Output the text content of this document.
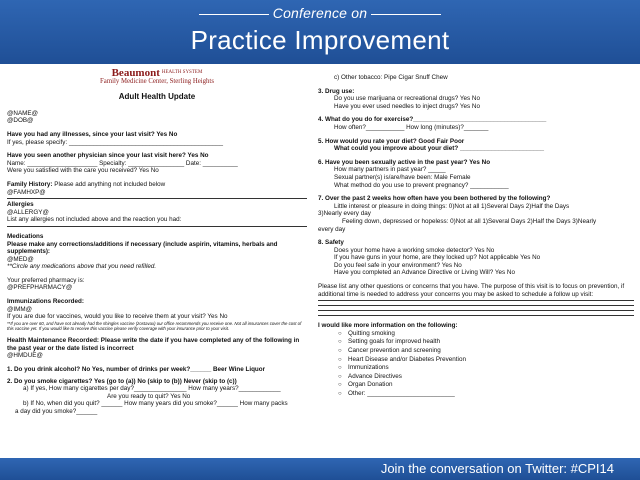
Conference on
Practice Improvement
Beaumont HEALTH SYSTEM
Family Medicine Center, Sterling Heights
Adult Health Update
@NAME@
@DOB@
Have you had any illnesses, since your last visit? Yes No
If yes, please specify: ____________________________________________
Have you seen another physician since your last visit here? Yes No
Name: ____________________ Specialty: ________________ Date: __________
Were you satisfied with the care you received? Yes No
Family History: Please add anything not included below
@FAMHXP@
Allergies
@ALLERGY@
List any allergies not included above and the reaction you had:
Medications
Please make any corrections/additions if necessary (include aspirin, vitamins, herbals and supplements):
@MED@
**Circle any medications above that you need refilled.
Your preferred pharmacy is:
@PREFPHARMACY@
Immunizations Recorded:
@IMM@
If you are due for vaccines, would you like to receive them at your visit? Yes No
**If you are over 60, and have not already had the shingles vaccine (zostavax) our office recommends you receive one. Not all insurances cover the cost of this vaccine yet. If you would like to receive this vaccine please verify coverage with your insurance prior to your visit.
Health Maintenance Recorded: Please write the date if you have completed any of the following in the past year or the date listed is incorrect
@HMDUE@
1. Do you drink alcohol? No Yes, number of drinks per week?______ Beer Wine Liquor
2. Do you smoke cigarettes? Yes (go to (a)) No (skip to (b)) Never (skip to (c))
a) If yes, How many cigarettes per day?_______________ How many years?____________
Are you ready to quit? Yes No
b) If No, when did you quit? ______ How many years did you smoke?______ How many packs
a day did you smoke?______
c) Other tobacco: Pipe Cigar Snuff Chew
3. Drug use:
Do you use marijuana or recreational drugs? Yes No
Have you ever used needles to inject drugs? Yes No
4. What do you do for exercise?______________________________________
How often?___________ How long (minutes)?_______
5. How would you rate your diet? Good Fair Poor
What could you improve about your diet? ________________________
6. Have you been sexually active in the past year? Yes No
How many partners in past year? _____
Sexual partner(s) is/are/have been: Male Female
What method do you use to prevent pregnancy? ___________
7. Over the past 2 weeks how often have you been bothered by the following?
Little interest or pleasure in doing things: 0)Not at all 1)Several Days 2)Half the Days
3)Nearly every day
Feeling down, depressed or hopeless: 0)Not at all 1)Several Days 2)Half the Days 3)Nearly
every day
8. Safety
Does your home have a working smoke detector? Yes No
If you have guns in your home, are they locked up? Not applicable Yes No
Do you feel safe in your environment? Yes No
Have you completed an Advance Directive or Living Will? Yes No
Please list any other questions or concerns that you have. The purpose of this visit is to focus on prevention, if additional time is needed to address your concerns you may be asked to schedule a follow up visit:
I would like more information on the following:
○ Quitting smoking
○ Setting goals for improved health
○ Cancer prevention and screening
○ Heart Disease and/or Diabetes Prevention
○ Immunizations
○ Advance Directives
○ Organ Donation
○ Other: _________________________
Join the conversation on Twitter: #CPI14
